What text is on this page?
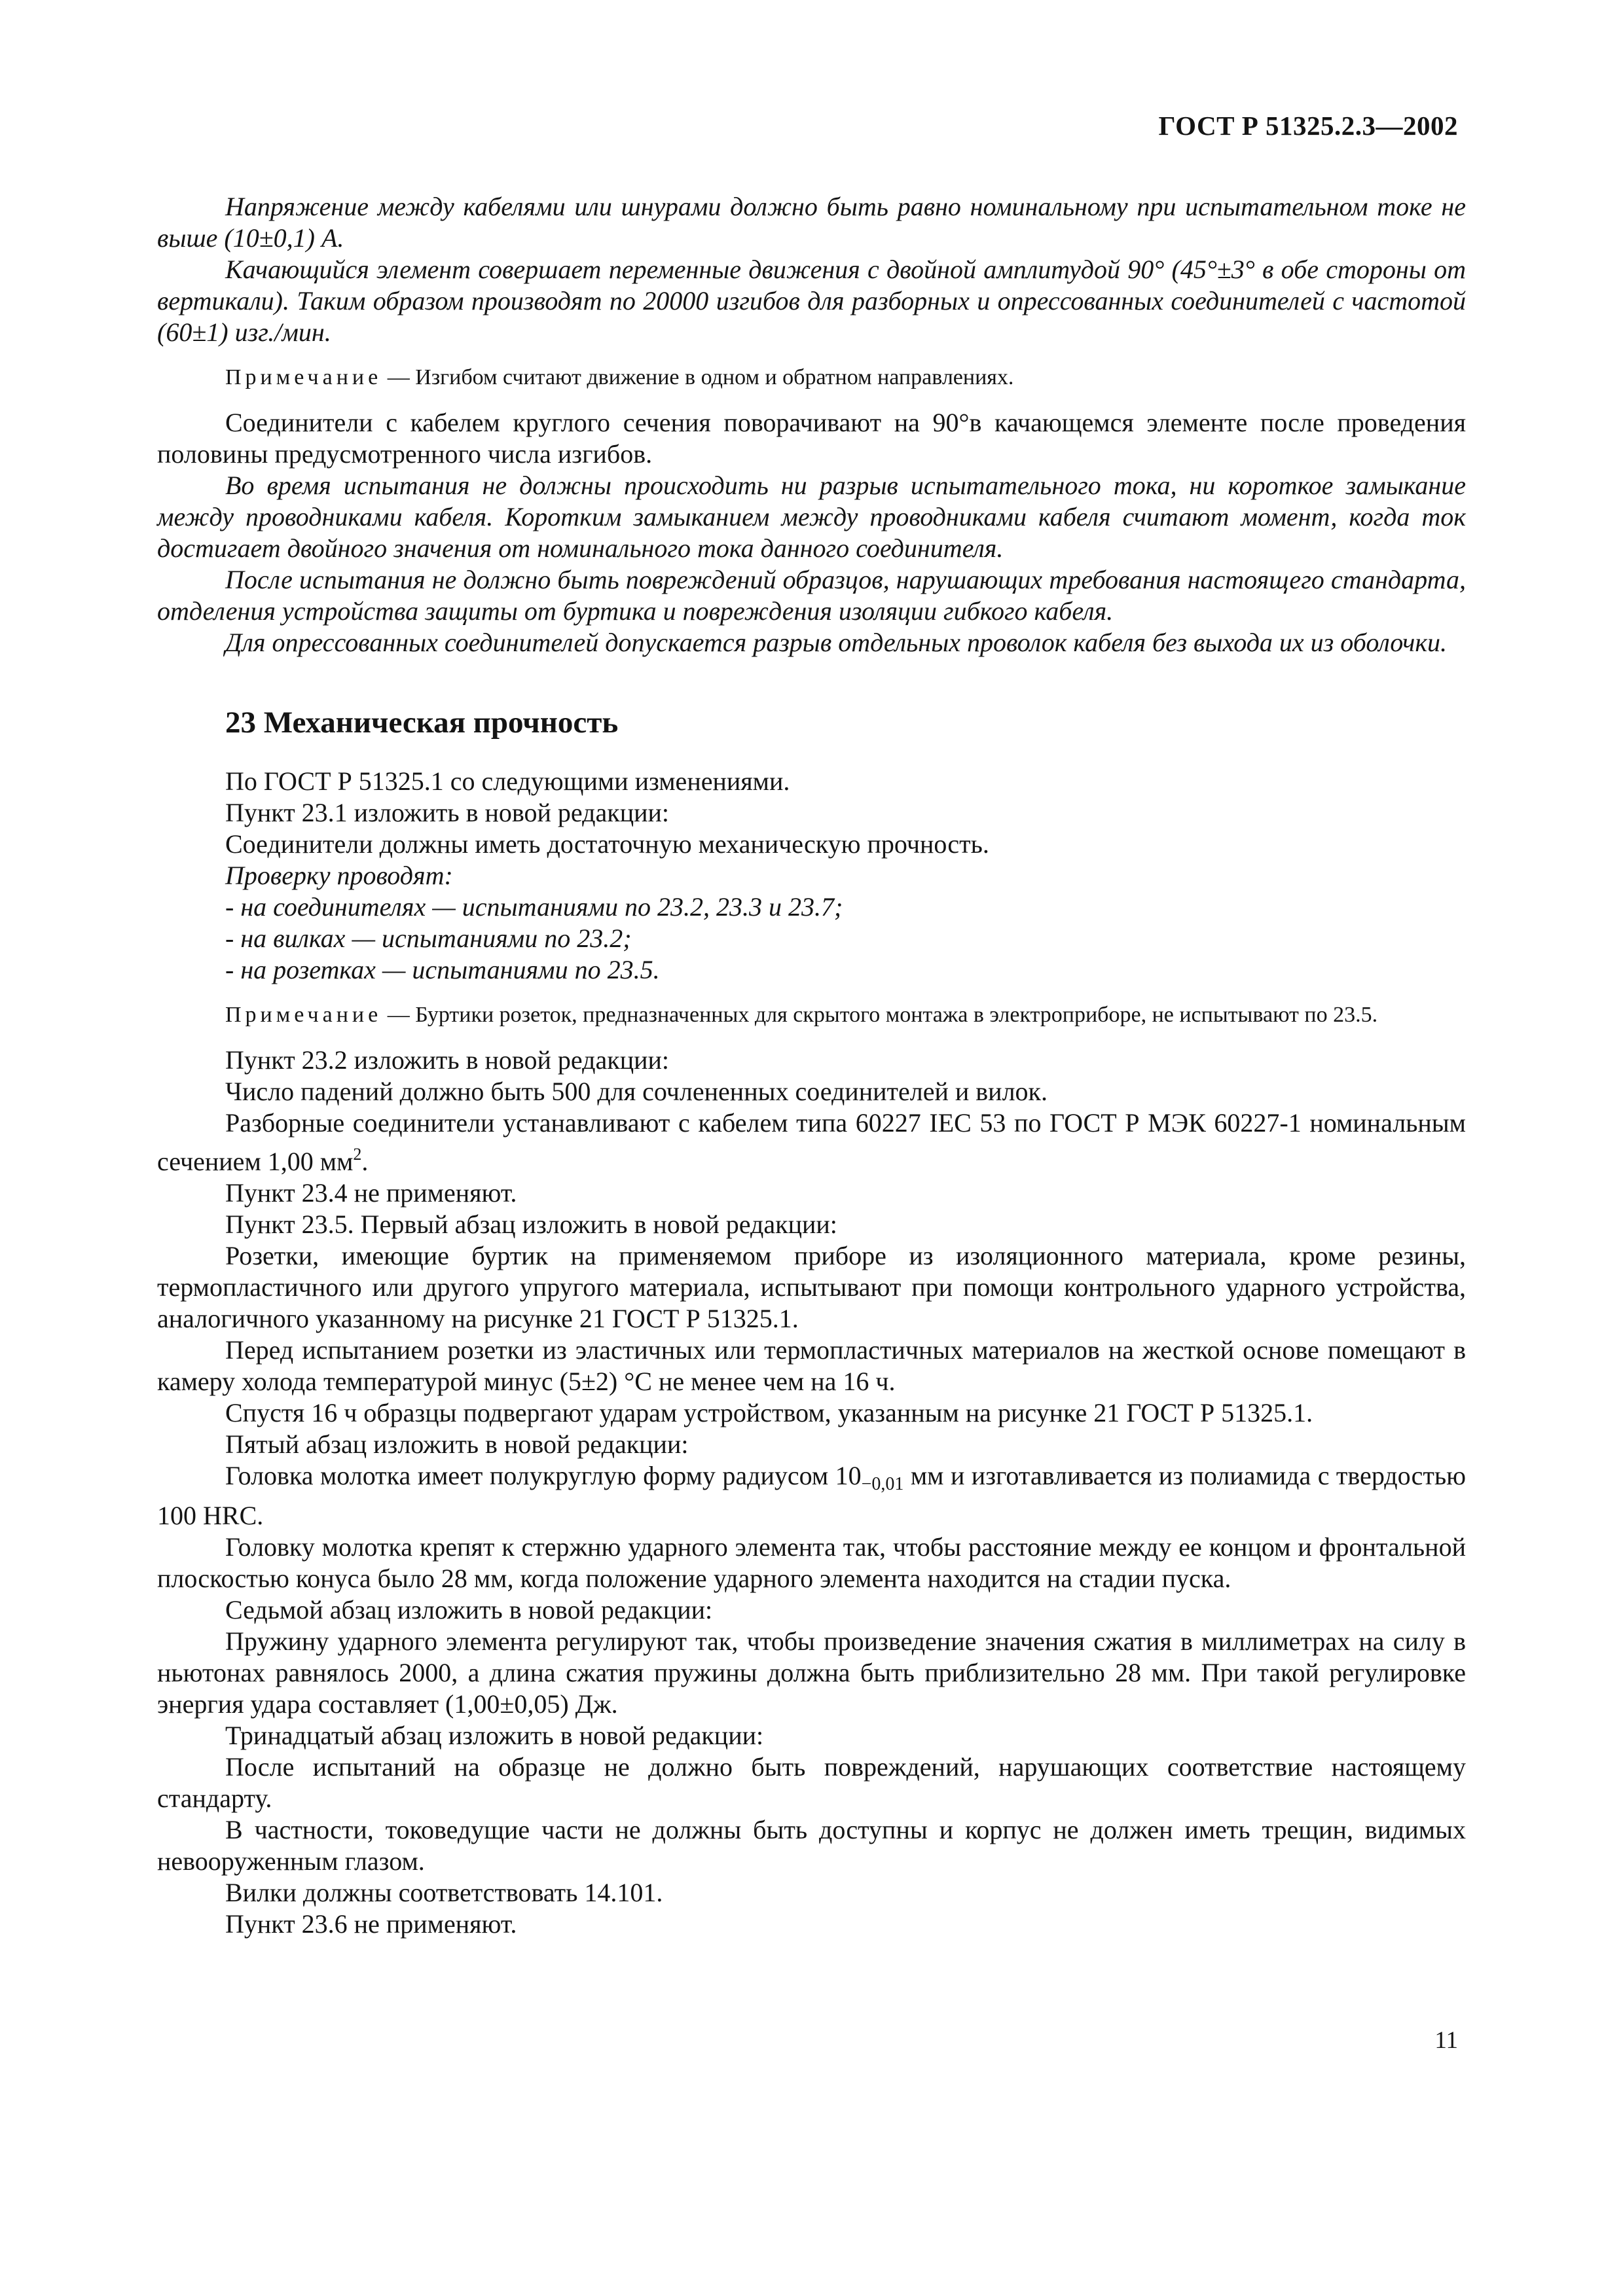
ГОСТ Р 51325.2.3—2002

Напряжение между кабелями или шнурами должно быть равно номинальному при испытательном токе не выше (10±0,1) А.

Качающийся элемент совершает переменные движения с двойной амплитудой 90° (45°±3° в обе стороны от вертикали). Таким образом производят по 20000 изгибов для разборных и опрессованных соединителей с частотой (60±1) изг./мин.

Примечание — Изгибом считают движение в одном и обратном направлениях.

Соединители с кабелем круглого сечения поворачивают на 90°в качающемся элементе после проведения половины предусмотренного числа изгибов.

Во время испытания не должны происходить ни разрыв испытательного тока, ни короткое замыкание между проводниками кабеля. Коротким замыканием между проводниками кабеля считают момент, когда ток достигает двойного значения от номинального тока данного соединителя.

После испытания не должно быть повреждений образцов, нарушающих требования настоящего стандарта, отделения устройства защиты от буртика и повреждения изоляции гибкого кабеля.

Для опрессованных соединителей допускается разрыв отдельных проволок кабеля без выхода их из оболочки.

23 Механическая прочность

По ГОСТ Р 51325.1 со следующими изменениями.

Пункт 23.1 изложить в новой редакции:

Соединители должны иметь достаточную механическую прочность.

Проверку проводят:

- на соединителях — испытаниями по 23.2, 23.3 и 23.7;

- на вилках — испытаниями по 23.2;

- на розетках — испытаниями по 23.5.

Примечание — Буртики розеток, предназначенных для скрытого монтажа в электроприборе, не испытывают по 23.5.

Пункт 23.2 изложить в новой редакции:

Число падений должно быть 500 для сочлененных соединителей и вилок.

Разборные соединители устанавливают с кабелем типа 60227 IEC 53 по ГОСТ Р МЭК 60227-1 номинальным сечением 1,00 $мм^2$.

Пункт 23.4 не применяют.

Пункт 23.5. Первый абзац изложить в новой редакции:

Розетки, имеющие буртик на применяемом приборе из изоляционного материала, кроме резины, термопластичного или другого упругого материала, испытывают при помощи контрольного ударного устройства, аналогичного указанному на рисунке 21 ГОСТ Р 51325.1.

Перед испытанием розетки из эластичных или термопластичных материалов на жесткой основе помещают в камеру холода температурой минус (5±2) °С не менее чем на 16 ч.

Спустя 16 ч образцы подвергают ударам устройством, указанным на рисунке 21 ГОСТ Р 51325.1.

Пятый абзац изложить в новой редакции:

Головка молотка имеет полукруглую форму радиусом $10_{-0,01}$ мм и изготавливается из полиамида с твердостью 100 HRC.

Головку молотка крепят к стержню ударного элемента так, чтобы расстояние между ее концом и фронтальной плоскостью конуса было 28 мм, когда положение ударного элемента находится на стадии пуска.

Седьмой абзац изложить в новой редакции:

Пружину ударного элемента регулируют так, чтобы произведение значения сжатия в миллиметрах на силу в ньютонах равнялось 2000, а длина сжатия пружины должна быть приблизительно 28 мм. При такой регулировке энергия удара составляет (1,00±0,05) Дж.

Тринадцатый абзац изложить в новой редакции:

После испытаний на образце не должно быть повреждений, нарушающих соответствие настоящему стандарту.

В частности, токоведущие части не должны быть доступны и корпус не должен иметь трещин, видимых невооруженным глазом.

Вилки должны соответствовать 14.101.

Пункт 23.6 не применяют.

11
